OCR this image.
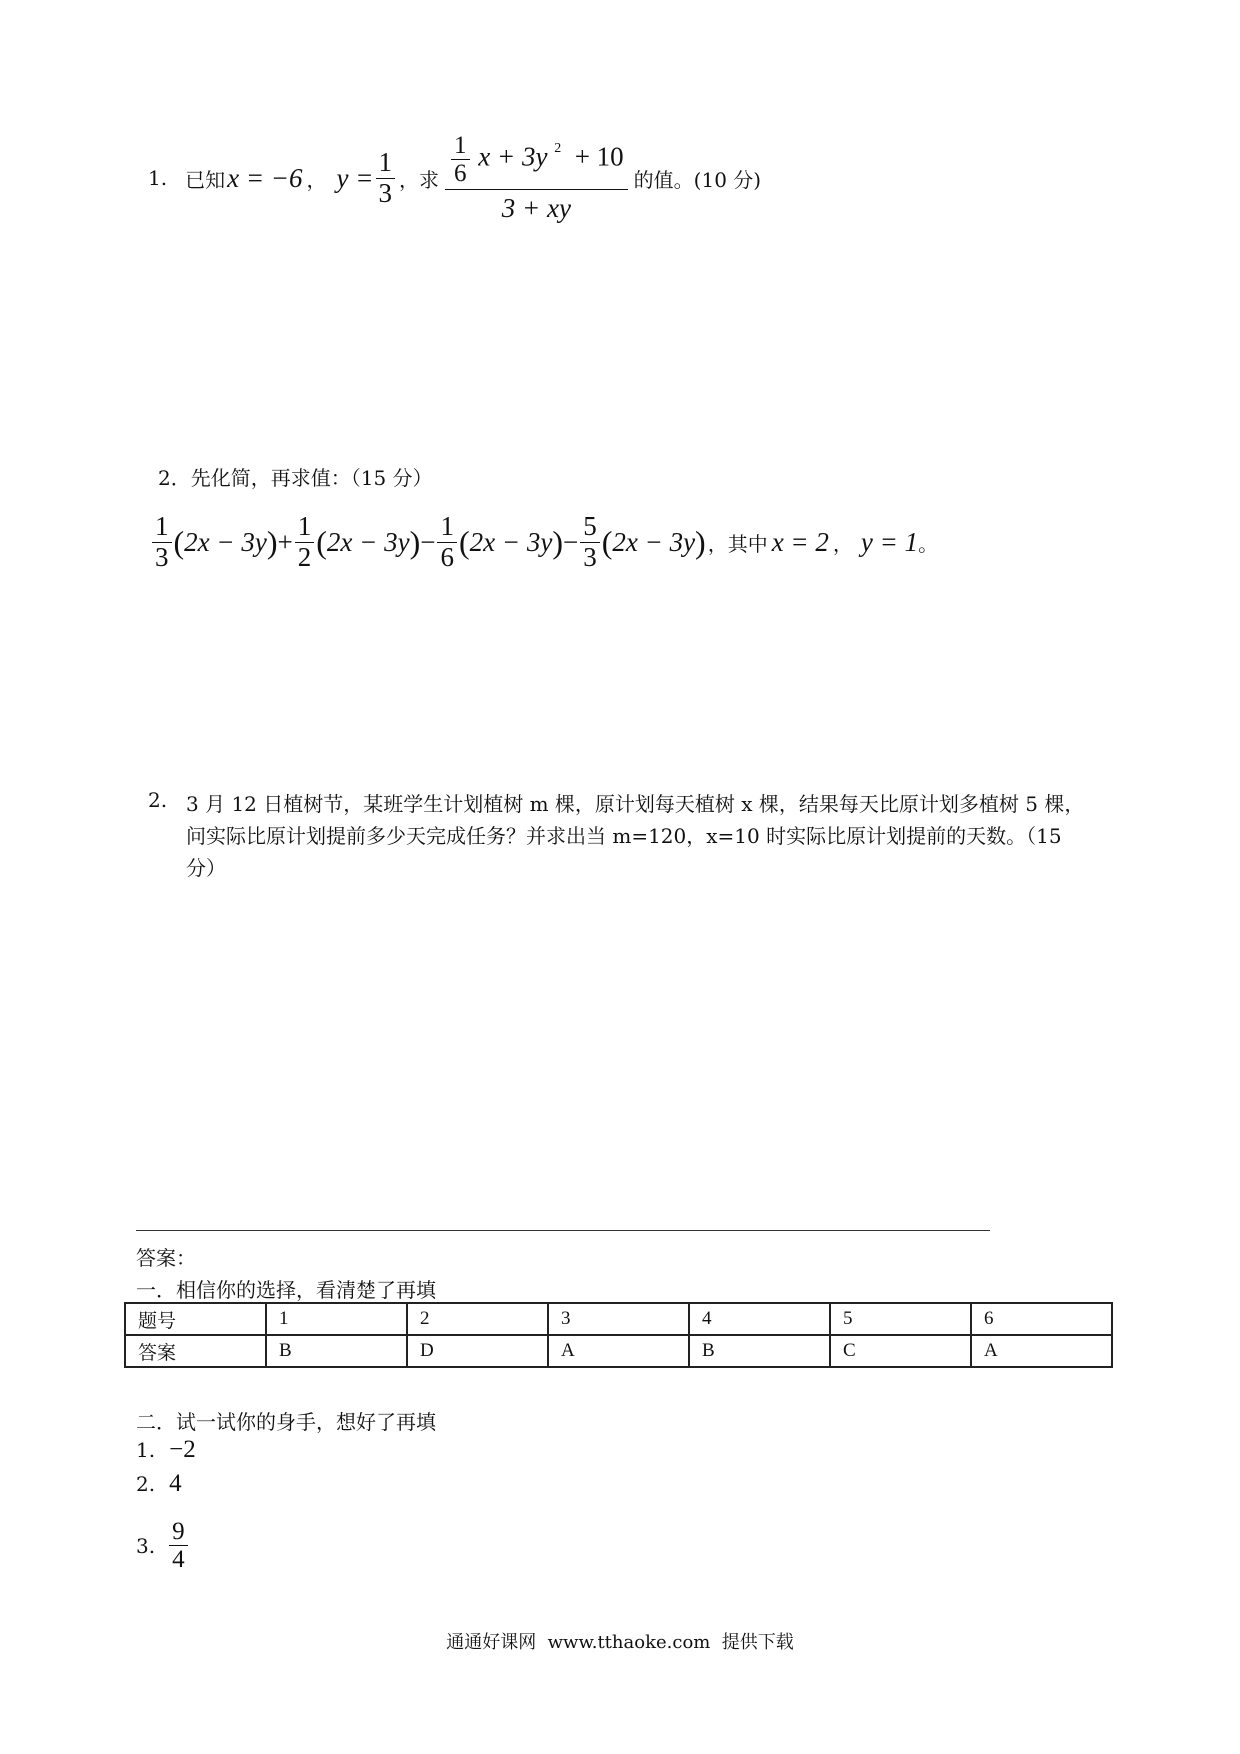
1. 已知 x = −6 ， $y = \frac{1}{3}$ ，求 $\frac{\frac{1}{6} x + 3y ^2 + 10}{3 + xy}$ 的值。(10 分)
2．先化简，再求值：（15 分）
$\frac{1}{3}$ ( 2x − 3y ) + $\frac{1}{2}$ ( 2x − 3y ) − $\frac{1}{6}$ ( 2x − 3y ) − $\frac{5}{3}$ ( 2x − 3y ) ，其中 x = 2 ， y = 1 。
2. 3 月 12 日植树节，某班学生计划植树 m 棵，原计划每天植树 x 棵，结果每天比原计划多植树 5 棵，
问实际比原计划提前多少天完成任务？并求出当 m=120，x=10 时实际比原计划提前的天数。（15
分）
答案：
一．相信你的选择，看清楚了再填
题号	1	2	3	4	5	6
答案	B	D	A	B	C	A
二．试一试你的身手，想好了再填
1. −2
2. 4
3. $\frac{9}{4}$
通通好课网  www.tthaoke.com  提供下载
